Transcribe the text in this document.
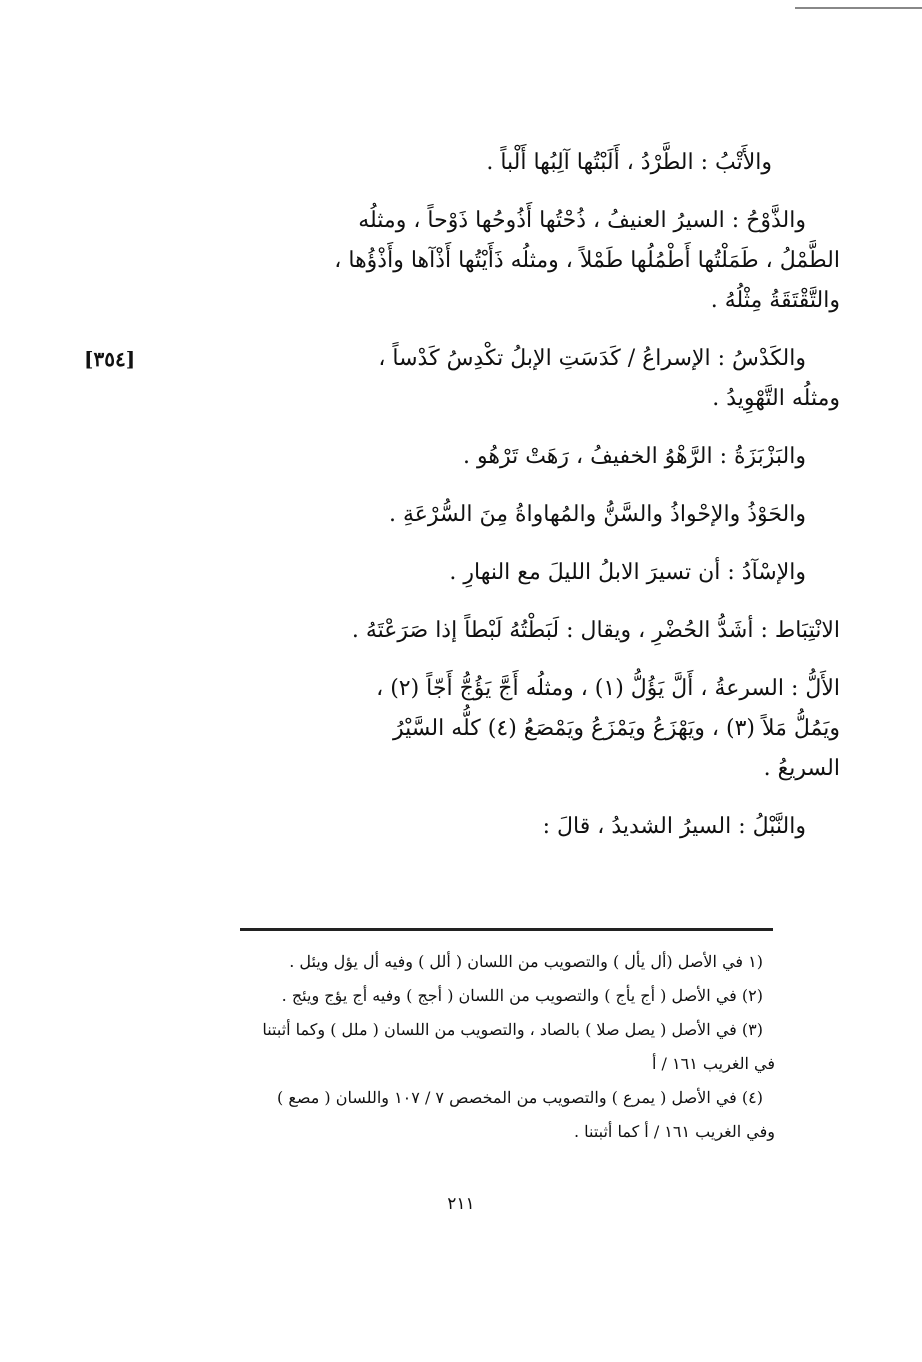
والأَتْبُ : الطَّرْدُ ، أَلَبْتُها آلِبُها أَلْباً .
والذَّوْحُ : السيرُ العنيفُ ، ذُحْتُها أَذُوحُها ذَوْحاً ، ومثلُه
الطَّمْلُ ، طَمَلْتُها أَطْمُلُها طَمْلاً ، ومثلُه ذَأَيْتُها أَذْآها وأَذْؤُها ،
والتَّقْتَقَةُ مِثْلُهُ .
والكَدْسُ : الإسراعُ / كَدَسَتِ الإبلُ تكْدِسُ كَدْساً ،
[٣٥٤]
ومثلُه التَّهْوِيدُ .
والبَزْبَزَةُ : الرَّهْوُ الخفيفُ ، رَهَتْ تَرْهُو .
والحَوْذُ والإحْواذُ والسَّنُّ والمُهاواةُ مِنَ السُّرْعَةِ .
والإسْآدُ : أن تسيرَ الابلُ الليلَ مع النهارِ .
الانْتِبَاط : أشَدُّ الحُضْرِ ، ويقال : لَبَطْتُهُ لَبْطاً إذا صَرَعْتَهُ .
الأَلُّ : السرعةُ ، أَلَّ يَؤُلُّ (١) ، ومثلُه أَجَّ يَؤُجُّ أَجّاً (٢) ،
ويَمُلُّ مَلاً (٣) ، ويَهْزَعُ ويَمْزَعُ ويَمْصَعُ (٤) كلُّه السَّيْرُ
السريعُ .
والنَّبْلُ : السيرُ الشديدُ ، قالَ :
(١ في الأصل (أل يأل ) والتصويب من اللسان ( ألل ) وفيه أل يؤل ويئل .
(٢) في الأصل ( أج يأج ) والتصويب من اللسان ( أجج ) وفيه أج يؤج ويئج .
(٣) في الأصل ( يصل صلا ) بالصاد ، والتصويب من اللسان ( ملل ) وكما أثبتنا
في الغريب ١٦١ / أ
(٤) في الأصل ( يمرع ) والتصويب من المخصص ٧ / ١٠٧ واللسان ( مصع )
وفي الغريب ١٦١ / أ كما أثبتنا .
٢١١
